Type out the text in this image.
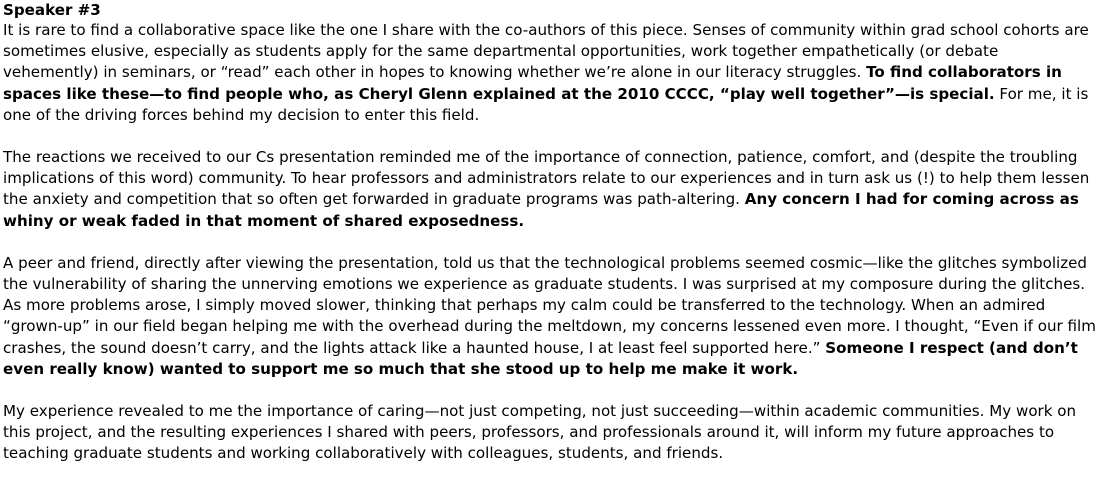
Speaker #3

It is rare to find a collaborative space like the one I share with the co-authors of this piece. Senses of community within grad school cohorts are sometimes elusive, especially as students apply for the same departmental opportunities, work together empathetically (or debate vehemently) in seminars, or “read” each other in hopes to knowing whether we’re alone in our literacy struggles. To find collaborators in spaces like these—to find people who, as Cheryl Glenn explained at the 2010 CCCC, “play well together”—is special. For me, it is one of the driving forces behind my decision to enter this field.

The reactions we received to our Cs presentation reminded me of the importance of connection, patience, comfort, and (despite the troubling implications of this word) community. To hear professors and administrators relate to our experiences and in turn ask us (!) to help them lessen the anxiety and competition that so often get forwarded in graduate programs was path-altering. Any concern I had for coming across as whiny or weak faded in that moment of shared exposedness.

A peer and friend, directly after viewing the presentation, told us that the technological problems seemed cosmic—like the glitches symbolized the vulnerability of sharing the unnerving emotions we experience as graduate students. I was surprised at my composure during the glitches. As more problems arose, I simply moved slower, thinking that perhaps my calm could be transferred to the technology. When an admired “grown-up” in our field began helping me with the overhead during the meltdown, my concerns lessened even more. I thought, “Even if our film crashes, the sound doesn’t carry, and the lights attack like a haunted house, I at least feel supported here.” Someone I respect (and don’t even really know) wanted to support me so much that she stood up to help me make it work.

My experience revealed to me the importance of caring—not just competing, not just succeeding—within academic communities. My work on this project, and the resulting experiences I shared with peers, professors, and professionals around it, will inform my future approaches to teaching graduate students and working collaboratively with colleagues, students, and friends.
